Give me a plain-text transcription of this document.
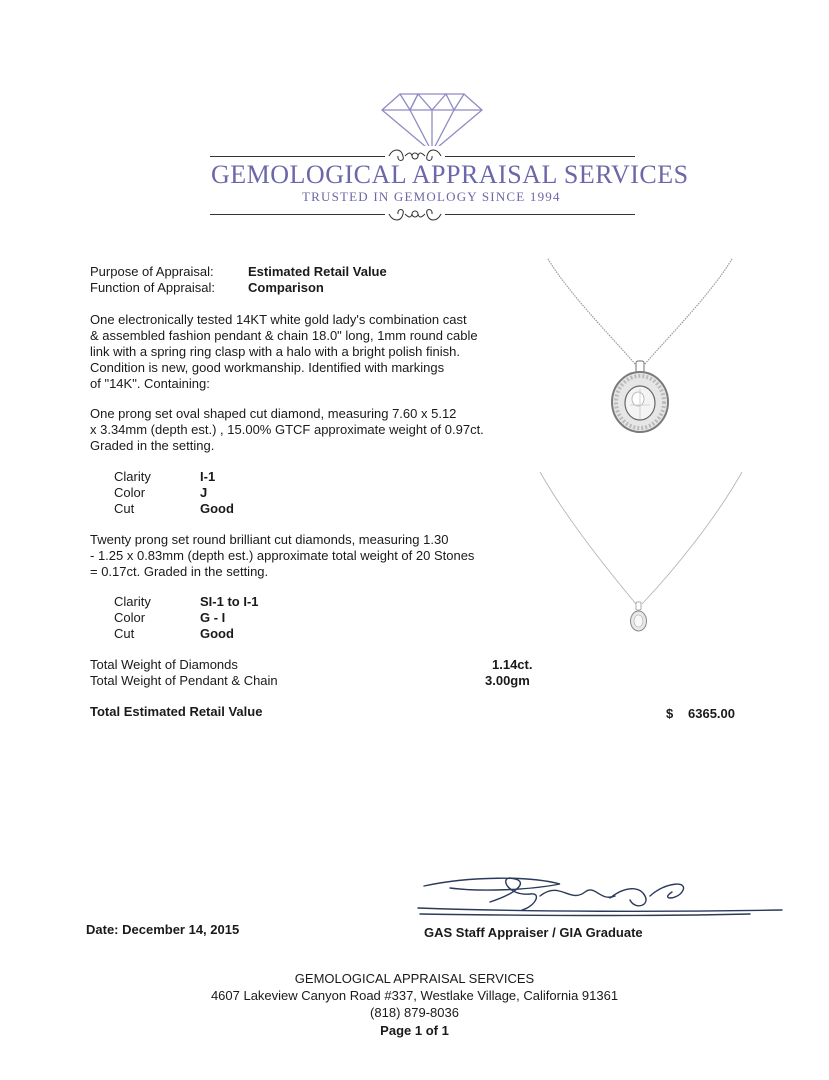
GEMOLOGICAL APPRAISAL SERVICES
TRUSTED IN GEMOLOGY SINCE 1994
Purpose of Appraisal:	Estimated Retail Value
Function of Appraisal:	Comparison
One electronically tested 14KT white gold lady's combination cast
& assembled fashion pendant & chain 18.0" long, 1mm round cable
link with a spring ring clasp with a halo with a bright polish finish.
Condition is new, good workmanship. Identified with markings
of "14K". Containing:
One prong set oval shaped cut diamond, measuring 7.60 x 5.12
x 3.34mm (depth est.) , 15.00% GTCF approximate weight of 0.97ct.
Graded in the setting.
Clarity	I-1
Color	J
Cut	Good
Twenty prong set round brilliant cut diamonds, measuring 1.30
- 1.25 x 0.83mm (depth est.) approximate total weight of 20 Stones
= 0.17ct. Graded in the setting.
Clarity	SI-1 to I-1
Color	G - I
Cut	Good
Total Weight of Diamonds	1.14ct.
Total Weight of Pendant & Chain	3.00gm
Total Estimated Retail Value	$ 6365.00
Date: December 14, 2015	GAS Staff Appraiser / GIA Graduate
GEMOLOGICAL APPRAISAL SERVICES
4607 Lakeview Canyon Road #337, Westlake Village, California 91361
(818) 879-8036
Page 1 of 1
